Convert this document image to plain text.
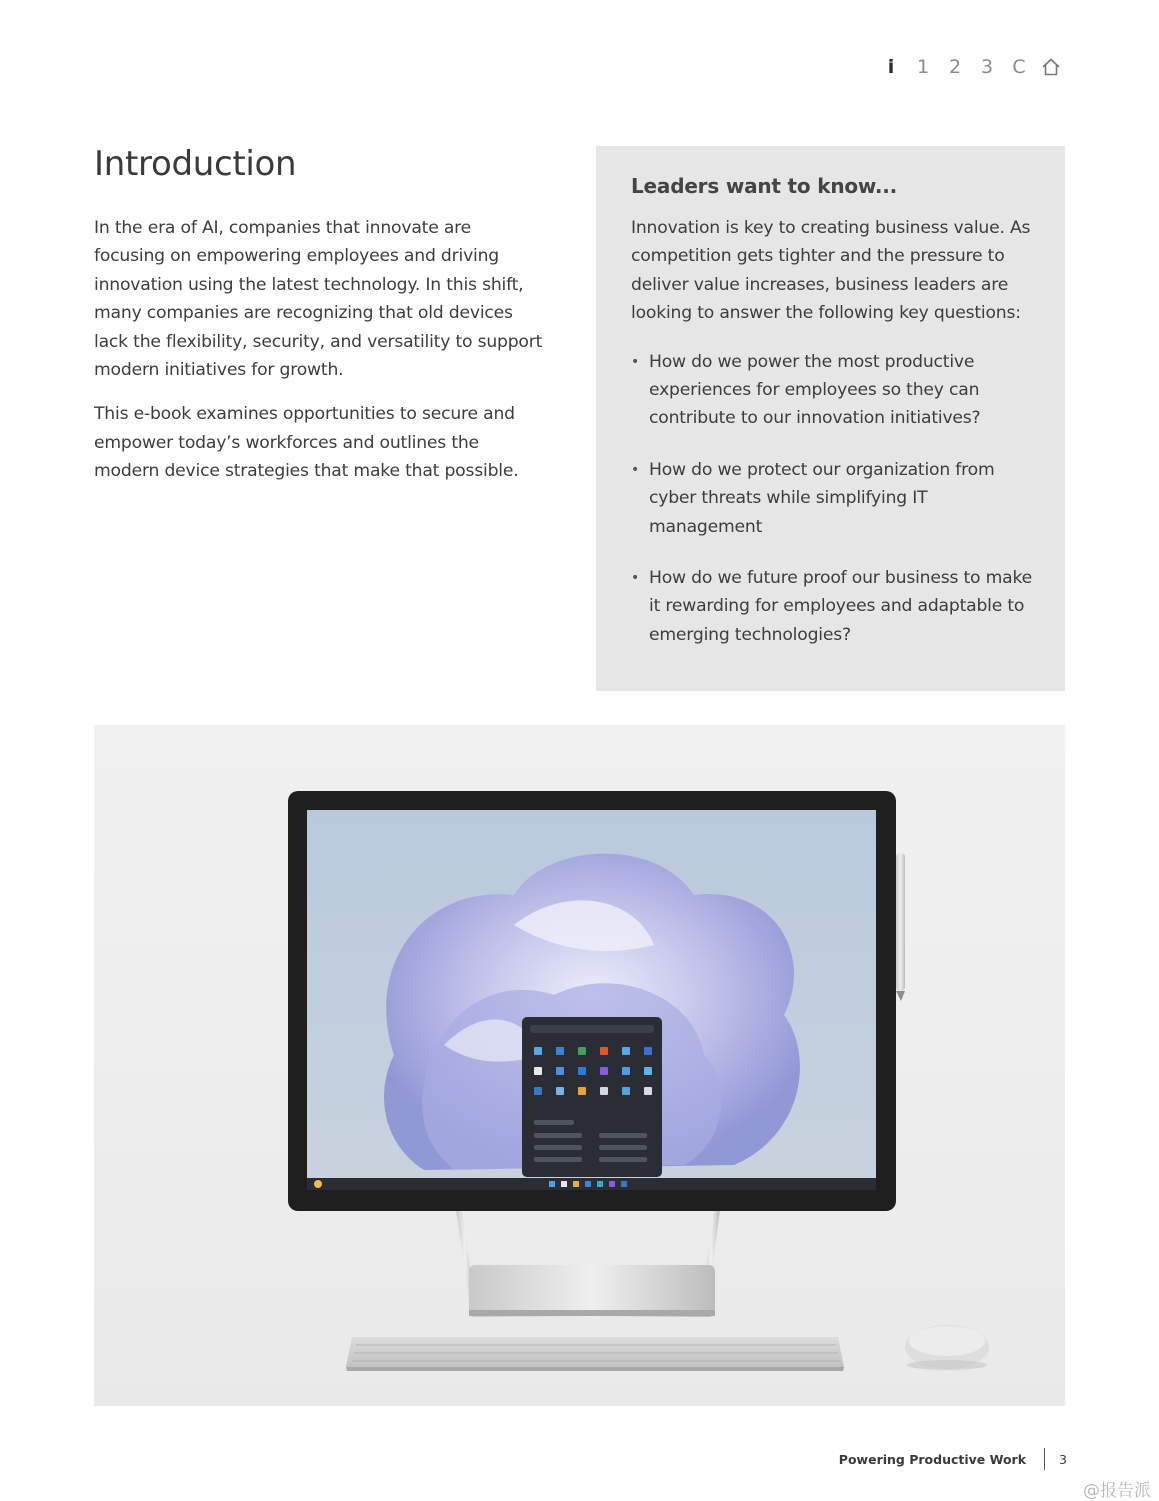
i	1	2	3	C
Introduction

In the era of AI, companies that innovate are focusing on empowering employees and driving innovation using the latest technology. In this shift, many companies are recognizing that old devices lack the flexibility, security, and versatility to support modern initiatives for growth.

This e-book examines opportunities to secure and empower today’s workforces and outlines the modern device strategies that make that possible.

Leaders want to know...

Innovation is key to creating business value. As competition gets tighter and the pressure to deliver value increases, business leaders are looking to answer the following key questions:

• How do we power the most productive experiences for employees so they can contribute to our innovation initiatives?
• How do we protect our organization from cyber threats while simplifying IT management
• How do we future proof our business to make it rewarding for employees and adaptable to emerging technologies?
Powering Productive Work	3
@报告派
